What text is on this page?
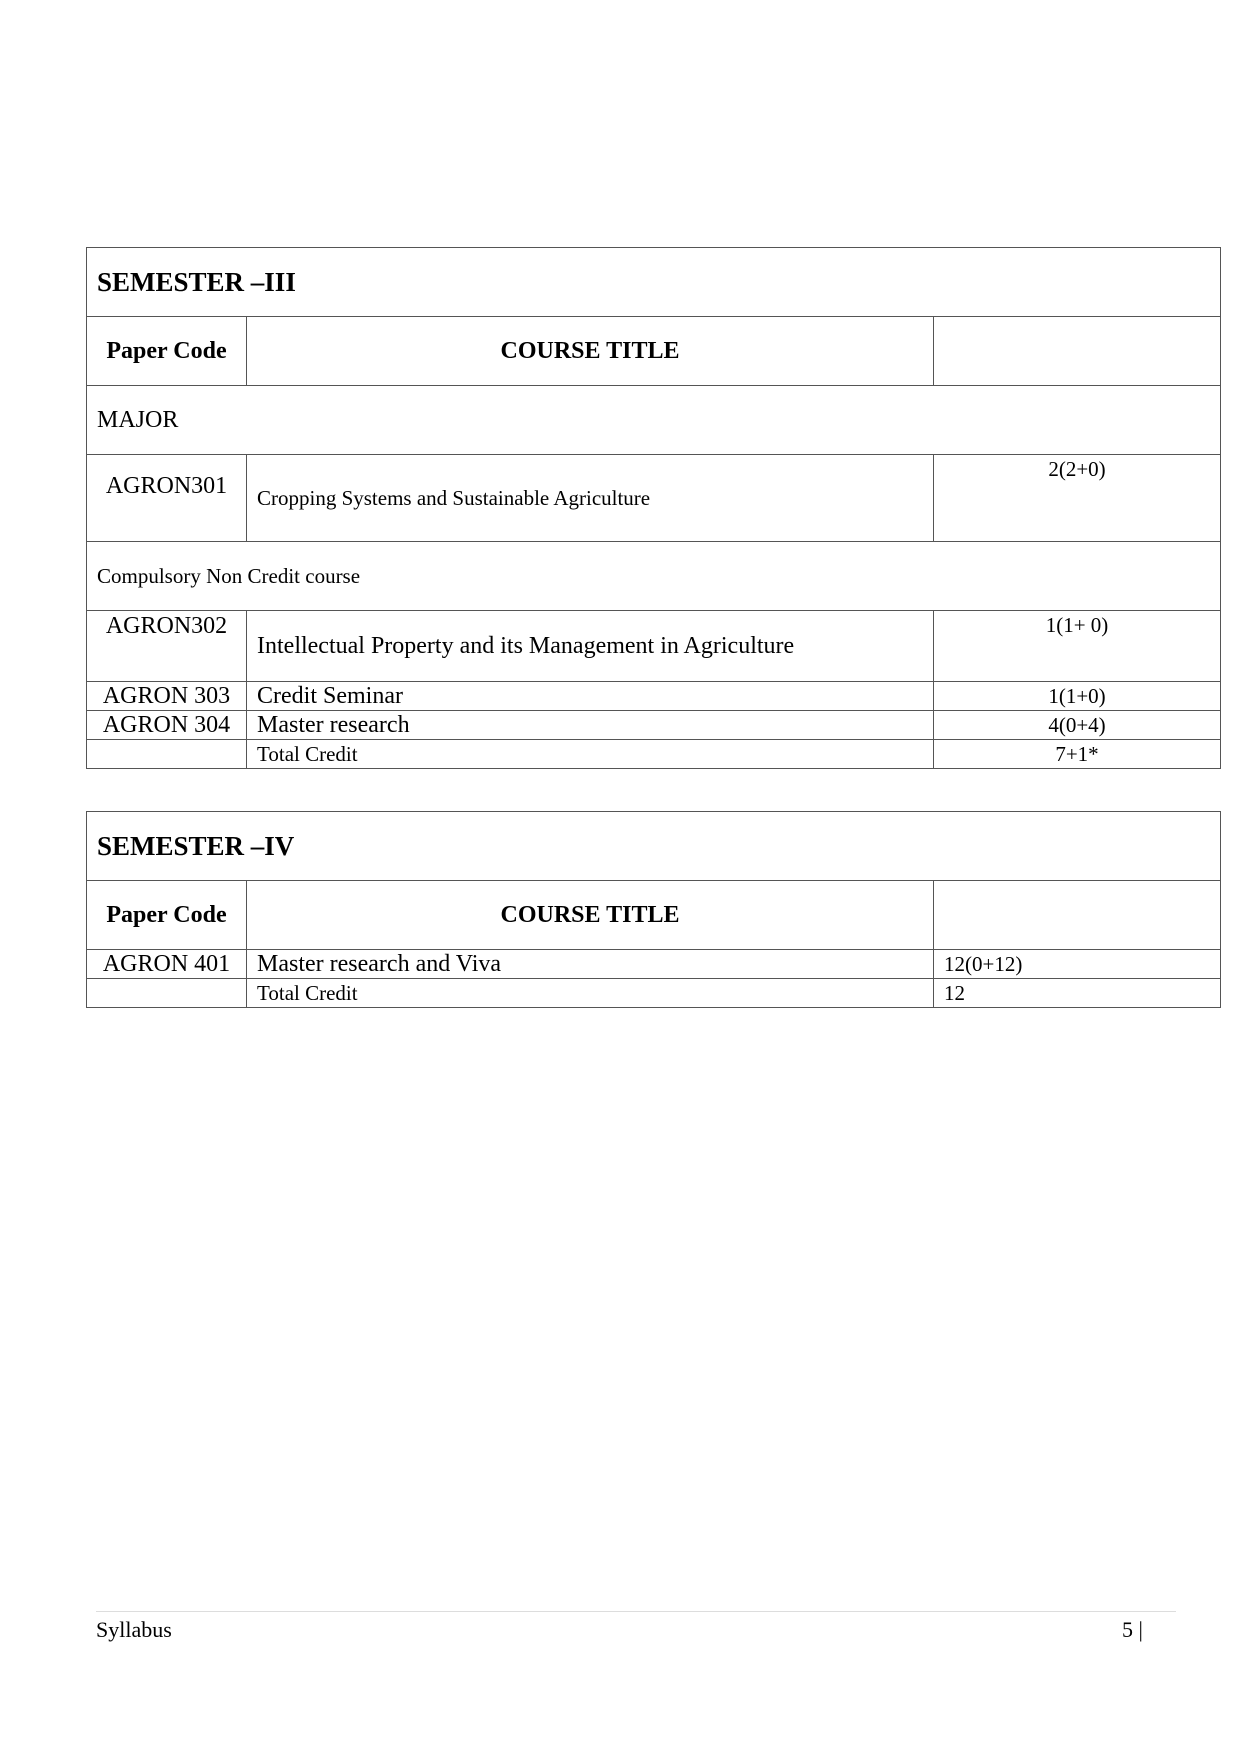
SEMESTER –III		
Paper Code	COURSE TITLE	
MAJOR		
AGRON301	Cropping Systems and Sustainable Agriculture	2(2+0)
Compulsory Non Credit course		
AGRON302	Intellectual Property and its Management in Agriculture	1(1+ 0)
AGRON 303	Credit Seminar	1(1+0)
AGRON 304	Master research	4(0+4)
	Total Credit	7+1*
SEMESTER –IV		
Paper Code	COURSE TITLE	
AGRON 401	Master research and Viva	12(0+12)
	Total Credit	12
Syllabus	5 |
